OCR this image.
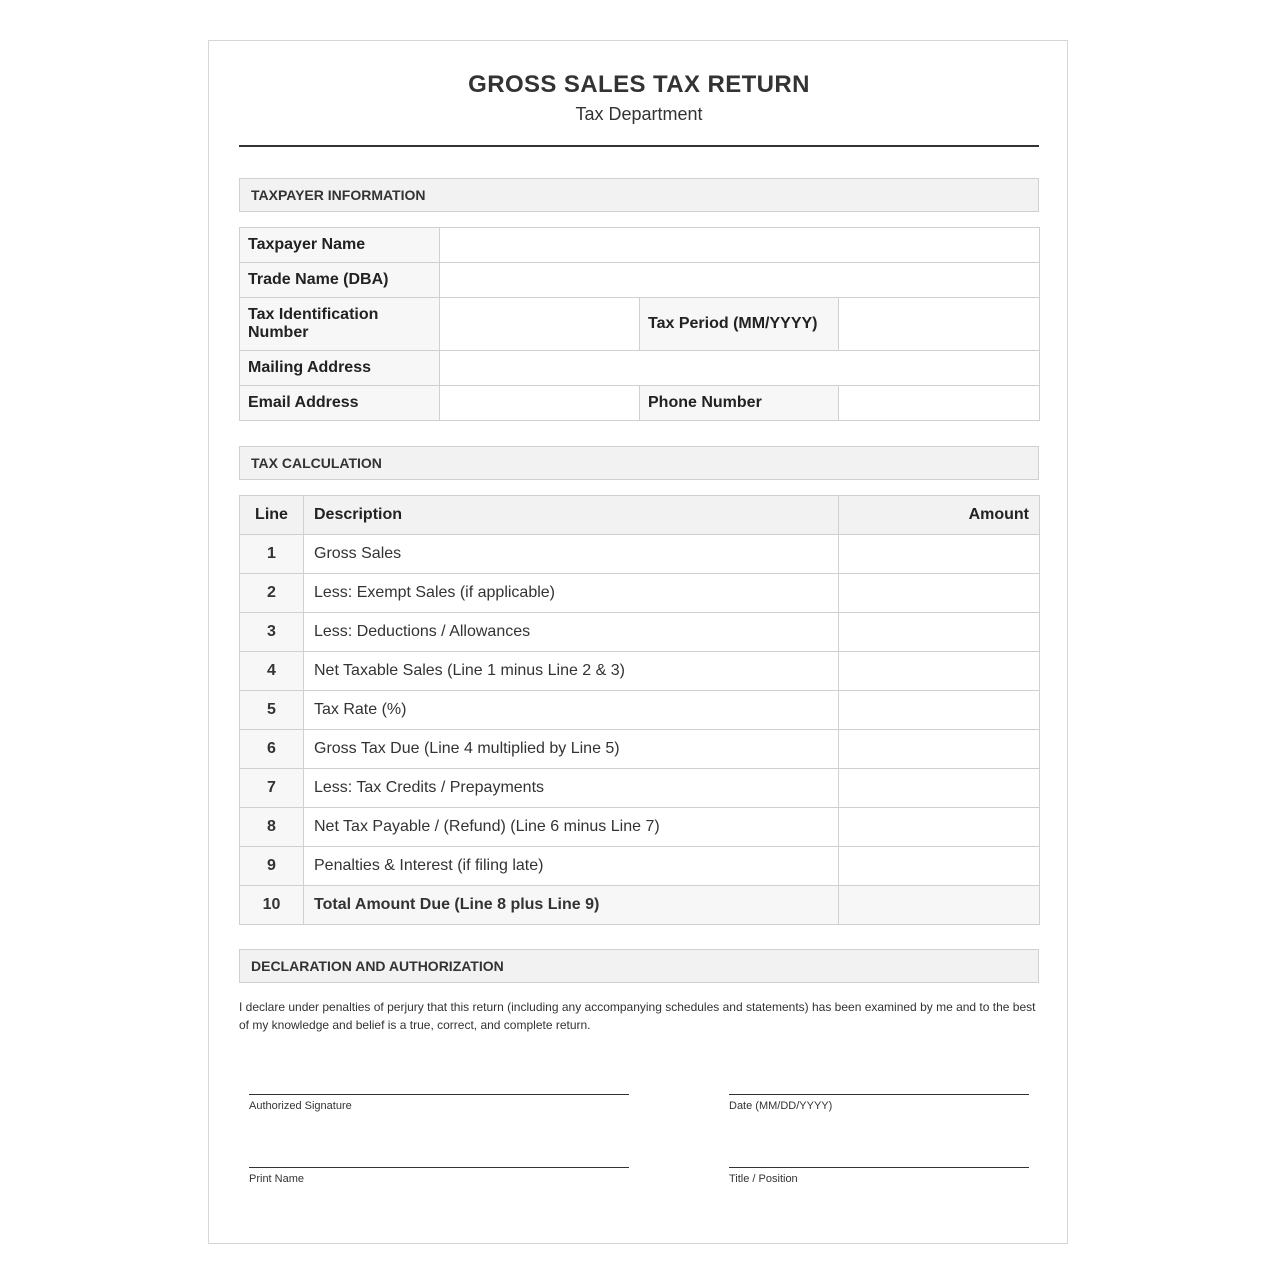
GROSS SALES TAX RETURN
Tax Department
TAXPAYER INFORMATION
Taxpayer Name			
Trade Name (DBA)			
Tax Identification Number		Tax Period (MM/YYYY)	
Mailing Address			
Email Address		Phone Number	
TAX CALCULATION
Line	Description	Amount
1	Gross Sales	
2	Less: Exempt Sales (if applicable)	
3	Less: Deductions / Allowances	
4	Net Taxable Sales (Line 1 minus Line 2 & 3)	
5	Tax Rate (%)	
6	Gross Tax Due (Line 4 multiplied by Line 5)	
7	Less: Tax Credits / Prepayments	
8	Net Tax Payable / (Refund) (Line 6 minus Line 7)	
9	Penalties & Interest (if filing late)	
10	Total Amount Due (Line 8 plus Line 9)	
DECLARATION AND AUTHORIZATION
I declare under penalties of perjury that this return (including any accompanying schedules and statements) has been examined by me and to the best of my knowledge and belief is a true, correct, and complete return.
Authorized Signature	Date (MM/DD/YYYY)
Print Name	Title / Position
